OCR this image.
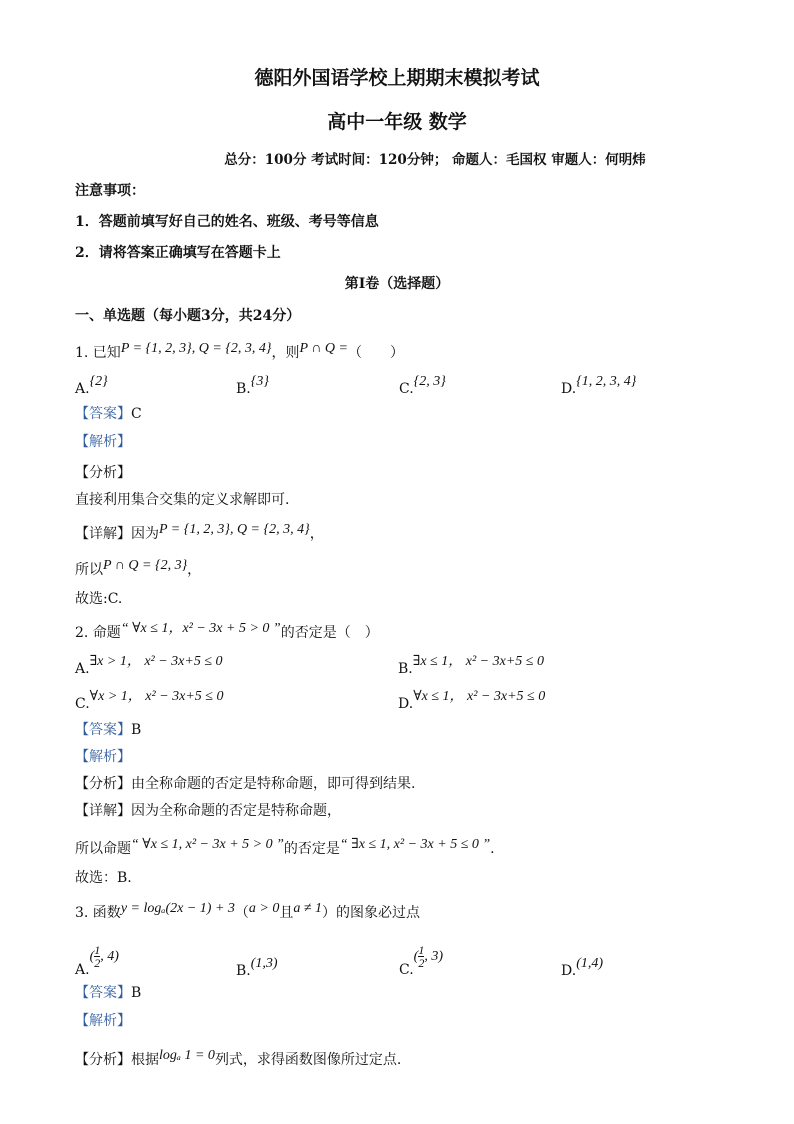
德阳外国语学校上期期末模拟考试
高中一年级 数学
总分：100分 考试时间：120分钟； 命题人：毛国权 审题人：何明炜
注意事项：
1．答题前填写好自己的姓名、班级、考号等信息
2．请将答案正确填写在答题卡上
第I卷（选择题）
一、单选题（每小题3分，共24分）
1. 已知P = {1, 2, 3}, Q = {2, 3, 4}，则P ∩ Q =（　　）
A.{2}	B.{3}	C.{2, 3}	D.{1, 2, 3, 4}
【答案】C
【解析】
【分析】
直接利用集合交集的定义求解即可.
【详解】因为P = {1, 2, 3}, Q = {2, 3, 4}，
所以P ∩ Q = {2, 3}，
故选:C.
2. 命题“ ∀x ≤ 1，x² − 3x + 5 > 0 ”的否定是（　）
A.∃x > 1， x² − 3x+5 ≤ 0	B.∃x ≤ 1， x² − 3x+5 ≤ 0
C.∀x > 1， x² − 3x+5 ≤ 0	D.∀x ≤ 1， x² − 3x+5 ≤ 0
【答案】B
【解析】
【分析】由全称命题的否定是特称命题，即可得到结果.
【详解】因为全称命题的否定是特称命题，
所以命题“ ∀x ≤ 1, x² − 3x + 5 > 0 ”的否定是“ ∃x ≤ 1, x² − 3x + 5 ≤ 0 ”.
故选：B.
3. 函数y = logₐ(2x − 1) + 3（a > 0且a ≠ 1）的图象必过点
$A.( \frac{1}{2}$ , 4)
B.(1,3)	$C.( \frac{1}{2}$ , 3)
D.(1,4)
【答案】B
【解析】
【分析】根据logₐ 1 = 0列式，求得函数图像所过定点.
